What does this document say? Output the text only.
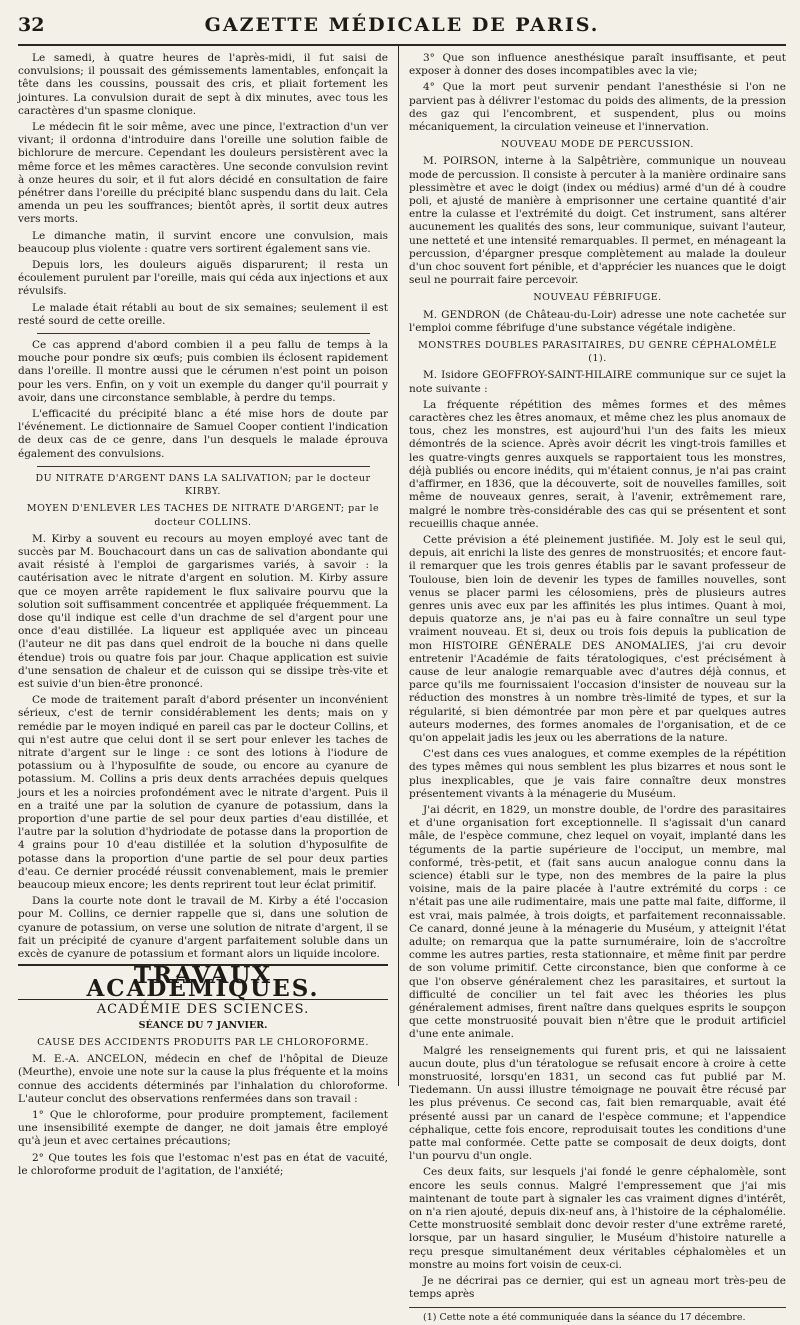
32	GAZETTE MÉDICALE DE PARIS.

Le samedi, à quatre heures de l'après-midi, il fut saisi de convulsions; il poussait des gémissements lamentables, enfonçait la tête dans les coussins, poussait des cris, et pliait fortement les jointures. La convulsion durait de sept à dix minutes, avec tous les caractères d'un spasme clonique.

Le médecin fit le soir même, avec une pince, l'extraction d'un ver vivant; il ordonna d'introduire dans l'oreille une solution faible de bichlorure de mercure. Cependant les douleurs persistèrent avec la même force et les mêmes caractères. Une seconde convulsion revint à onze heures du soir, et il fut alors décidé en consultation de faire pénétrer dans l'oreille du précipité blanc suspendu dans du lait. Cela amenda un peu les souffrances; bientôt après, il sortit deux autres vers morts.

Le dimanche matin, il survint encore une convulsion, mais beaucoup plus violente : quatre vers sortirent également sans vie.

Depuis lors, les douleurs aiguës disparurent; il resta un écoulement purulent par l'oreille, mais qui céda aux injections et aux révulsifs.

Le malade était rétabli au bout de six semaines; seulement il est resté sourd de cette oreille.

Ce cas apprend d'abord combien il a peu fallu de temps à la mouche pour pondre six œufs; puis combien ils éclosent rapidement dans l'oreille. Il montre aussi que le cérumen n'est point un poison pour les vers. Enfin, on y voit un exemple du danger qu'il pourrait y avoir, dans une circonstance semblable, à perdre du temps.

L'efficacité du précipité blanc a été mise hors de doute par l'événement. Le dictionnaire de Samuel Cooper contient l'indication de deux cas de ce genre, dans l'un desquels le malade éprouva également des convulsions.

DU NITRATE D'ARGENT DANS LA SALIVATION; par le docteur KIRBY.
MOYEN D'ENLEVER LES TACHES DE NITRATE D'ARGENT; par le docteur COLLINS.

M. Kirby a souvent eu recours au moyen employé avec tant de succès par M. Bouchacourt dans un cas de salivation abondante qui avait résisté à l'emploi de gargarismes variés, à savoir : la cautérisation avec le nitrate d'argent en solution. M. Kirby assure que ce moyen arrête rapidement le flux salivaire pourvu que la solution soit suffisamment concentrée et appliquée fréquemment. La dose qu'il indique est celle d'un drachme de sel d'argent pour une once d'eau distillée. La liqueur est appliquée avec un pinceau (l'auteur ne dit pas dans quel endroit de la bouche ni dans quelle étendue) trois ou quatre fois par jour. Chaque application est suivie d'une sensation de chaleur et de cuisson qui se dissipe très-vite et est suivie d'un bien-être prononcé.

Ce mode de traitement paraît d'abord présenter un inconvénient sérieux, c'est de ternir considérablement les dents; mais on y remédie par le moyen indiqué en pareil cas par le docteur Collins, et qui n'est autre que celui dont il se sert pour enlever les taches de nitrate d'argent sur le linge : ce sont des lotions à l'iodure de potassium ou à l'hyposulfite de soude, ou encore au cyanure de potassium. M. Collins a pris deux dents arrachées depuis quelques jours et les a noircies profondément avec le nitrate d'argent. Puis il en a traité une par la solution de cyanure de potassium, dans la proportion d'une partie de sel pour deux parties d'eau distillée, et l'autre par la solution d'hydriodate de potasse dans la proportion de 4 grains pour 10 d'eau distillée et la solution d'hyposulfite de potasse dans la proportion d'une partie de sel pour deux parties d'eau. Ce dernier procédé réussit convenablement, mais le premier beaucoup mieux encore; les dents reprirent tout leur éclat primitif.

Dans la courte note dont le travail de M. Kirby a été l'occasion pour M. Collins, ce dernier rappelle que si, dans une solution de cyanure de potassium, on verse une solution de nitrate d'argent, il se fait un précipité de cyanure d'argent parfaitement soluble dans un excès de cyanure de potassium et formant alors un liquide incolore.

TRAVAUX ACADÉMIQUES.
ACADÉMIE DES SCIENCES.
SÉANCE DU 7 JANVIER.
CAUSE DES ACCIDENTS PRODUITS PAR LE CHLOROFORME.

M. E.-A. ANCELON, médecin en chef de l'hôpital de Dieuze (Meurthe), envoie une note sur la cause la plus fréquente et la moins connue des accidents déterminés par l'inhalation du chloroforme. L'auteur conclut des observations renfermées dans son travail :

1° Que le chloroforme, pour produire promptement, facilement une insensibilité exempte de danger, ne doit jamais être employé qu'à jeun et avec certaines précautions;

2° Que toutes les fois que l'estomac n'est pas en état de vacuité, le chloroforme produit de l'agitation, de l'anxiété;

3° Que son influence anesthésique paraît insuffisante, et peut exposer à donner des doses incompatibles avec la vie;

4° Que la mort peut survenir pendant l'anesthésie si l'on ne parvient pas à délivrer l'estomac du poids des aliments, de la pression des gaz qui l'encombrent, et suspendent, plus ou moins mécaniquement, la circulation veineuse et l'innervation.

NOUVEAU MODE DE PERCUSSION.

M. POIRSON, interne à la Salpêtrière, communique un nouveau mode de percussion. Il consiste à percuter à la manière ordinaire sans plessimètre et avec le doigt (index ou médius) armé d'un dé à coudre poli, et ajusté de manière à emprisonner une certaine quantité d'air entre la culasse et l'extrémité du doigt. Cet instrument, sans altérer aucunement les qualités des sons, leur communique, suivant l'auteur, une netteté et une intensité remarquables. Il permet, en ménageant la percussion, d'épargner presque complètement au malade la douleur d'un choc souvent fort pénible, et d'apprécier les nuances que le doigt seul ne pourrait faire percevoir.

NOUVEAU FÉBRIFUGE.

M. GENDRON (de Château-du-Loir) adresse une note cachetée sur l'emploi comme fébrifuge d'une substance végétale indigène.

MONSTRES DOUBLES PARASITAIRES, DU GENRE CÉPHALOMÈLE (1).

M. Isidore GEOFFROY-SAINT-HILAIRE communique sur ce sujet la note suivante :

La fréquente répétition des mêmes formes et des mêmes caractères chez les êtres anomaux, et même chez les plus anomaux de tous, chez les monstres, est aujourd'hui l'un des faits les mieux démontrés de la science. Après avoir décrit les vingt-trois familles et les quatre-vingts genres auxquels se rapportaient tous les monstres, déjà publiés ou encore inédits, qui m'étaient connus, je n'ai pas craint d'affirmer, en 1836, que la découverte, soit de nouvelles familles, soit même de nouveaux genres, serait, à l'avenir, extrêmement rare, malgré le nombre très-considérable des cas qui se présentent et sont recueillis chaque année.

Cette prévision a été pleinement justifiée. M. Joly est le seul qui, depuis, ait enrichi la liste des genres de monstruosités; et encore faut-il remarquer que les trois genres établis par le savant professeur de Toulouse, bien loin de devenir les types de familles nouvelles, sont venus se placer parmi les célosomiens, près de plusieurs autres genres unis avec eux par les affinités les plus intimes. Quant à moi, depuis quatorze ans, je n'ai pas eu à faire connaître un seul type vraiment nouveau. Et si, deux ou trois fois depuis la publication de mon HISTOIRE GÉNÉRALE DES ANOMALIES, j'ai cru devoir entretenir l'Académie de faits tératologiques, c'est précisément à cause de leur analogie remarquable avec d'autres déjà connus, et parce qu'ils me fournissaient l'occasion d'insister de nouveau sur la réduction des monstres à un nombre très-limité de types, et sur la régularité, si bien démontrée par mon père et par quelques autres auteurs modernes, des formes anomales de l'organisation, et de ce qu'on appelait jadis les jeux ou les aberrations de la nature.

C'est dans ces vues analogues, et comme exemples de la répétition des types mêmes qui nous semblent les plus bizarres et nous sont le plus inexplicables, que je vais faire connaître deux monstres présentement vivants à la ménagerie du Muséum.

J'ai décrit, en 1829, un monstre double, de l'ordre des parasitaires et d'une organisation fort exceptionnelle. Il s'agissait d'un canard mâle, de l'espèce commune, chez lequel on voyait, implanté dans les téguments de la partie supérieure de l'occiput, un membre, mal conformé, très-petit, et (fait sans aucun analogue connu dans la science) établi sur le type, non des membres de la paire la plus voisine, mais de la paire placée à l'autre extrémité du corps : ce n'était pas une aile rudimentaire, mais une patte mal faite, difforme, il est vrai, mais palmée, à trois doigts, et parfaitement reconnaissable. Ce canard, donné jeune à la ménagerie du Muséum, y atteignit l'état adulte; on remarqua que la patte surnuméraire, loin de s'accroître comme les autres parties, resta stationnaire, et même finit par perdre de son volume primitif. Cette circonstance, bien que conforme à ce que l'on observe généralement chez les parasitaires, et surtout la difficulté de concilier un tel fait avec les théories les plus généralement admises, firent naître dans quelques esprits le soupçon que cette monstruosité pouvait bien n'être que le produit artificiel d'une ente animale.

Malgré les renseignements qui furent pris, et qui ne laissaient aucun doute, plus d'un tératologue se refusait encore à croire à cette monstruosité, lorsqu'en 1831, un second cas fut publié par M. Tiedemann. Un aussi illustre témoignage ne pouvait être récusé par les plus prévenus. Ce second cas, fait bien remarquable, avait été présenté aussi par un canard de l'espèce commune; et l'appendice céphalique, cette fois encore, reproduisait toutes les conditions d'une patte mal conformée. Cette patte se composait de deux doigts, dont l'un pourvu d'un ongle.

Ces deux faits, sur lesquels j'ai fondé le genre céphalomèle, sont encore les seuls connus. Malgré l'empressement que j'ai mis maintenant de toute part à signaler les cas vraiment dignes d'intérêt, on n'a rien ajouté, depuis dix-neuf ans, à l'histoire de la céphalomélie. Cette monstruosité semblait donc devoir rester d'une extrême rareté, lorsque, par un hasard singulier, le Muséum d'histoire naturelle a reçu presque simultanément deux véritables céphalomèles et un monstre au moins fort voisin de ceux-ci.

Je ne décrirai pas ce dernier, qui est un agneau mort très-peu de temps après

(1) Cette note a été communiquée dans la séance du 17 décembre.
